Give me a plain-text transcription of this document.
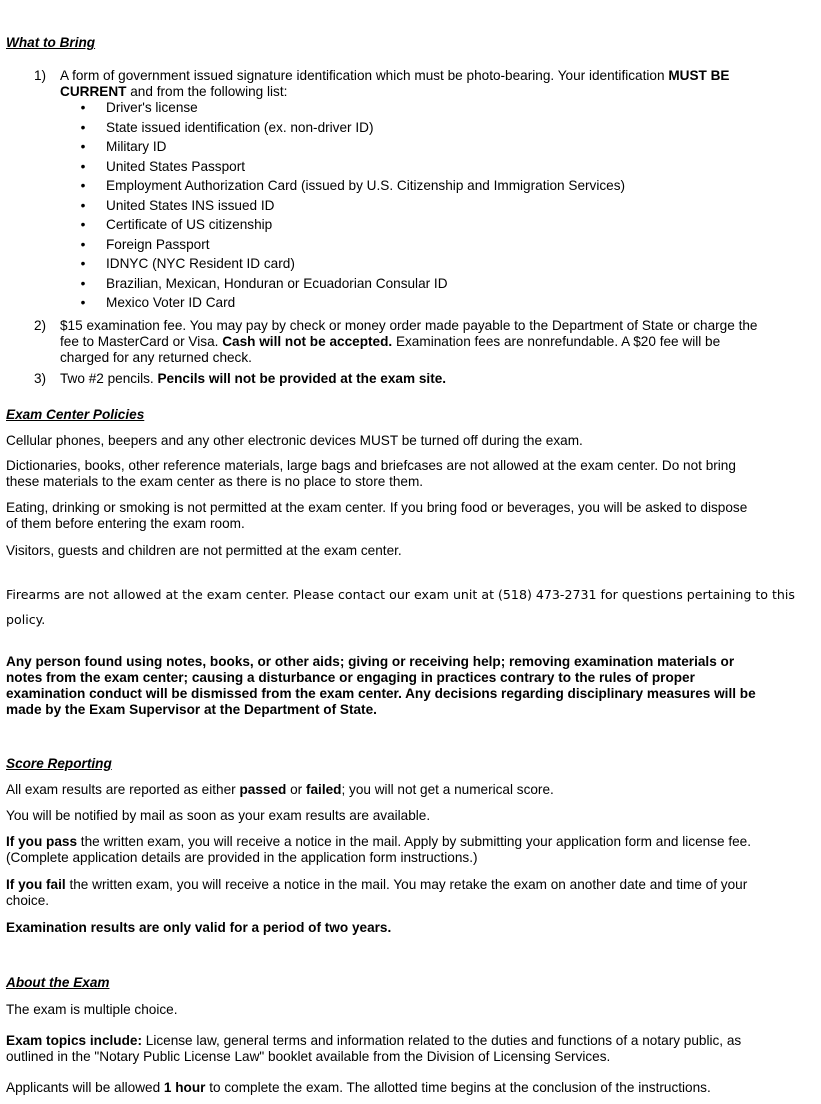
What to Bring
1) A form of government issued signature identification which must be photo-bearing. Your identification MUST BE
CURRENT and from the following list:
• Driver's license
• State issued identification (ex. non-driver ID)
• Military ID
• United States Passport
• Employment Authorization Card (issued by U.S. Citizenship and Immigration Services)
• United States INS issued ID
• Certificate of US citizenship
• Foreign Passport
• IDNYC (NYC Resident ID card)
• Brazilian, Mexican, Honduran or Ecuadorian Consular ID
• Mexico Voter ID Card
2) $15 examination fee. You may pay by check or money order made payable to the Department of State or charge the
fee to MasterCard or Visa. Cash will not be accepted. Examination fees are nonrefundable. A $20 fee will be
charged for any returned check.
3) Two #2 pencils. Pencils will not be provided at the exam site.
Exam Center Policies
Cellular phones, beepers and any other electronic devices MUST be turned off during the exam.
Dictionaries, books, other reference materials, large bags and briefcases are not allowed at the exam center. Do not bring
these materials to the exam center as there is no place to store them.
Eating, drinking or smoking is not permitted at the exam center. If you bring food or beverages, you will be asked to dispose
of them before entering the exam room.
Visitors, guests and children are not permitted at the exam center.
Firearms are not allowed at the exam center. Please contact our exam unit at (518) 473-2731 for questions pertaining to this
policy.
Any person found using notes, books, or other aids; giving or receiving help; removing examination materials or
notes from the exam center; causing a disturbance or engaging in practices contrary to the rules of proper
examination conduct will be dismissed from the exam center. Any decisions regarding disciplinary measures will be
made by the Exam Supervisor at the Department of State.
Score Reporting
All exam results are reported as either passed or failed; you will not get a numerical score.
You will be notified by mail as soon as your exam results are available.
If you pass the written exam, you will receive a notice in the mail. Apply by submitting your application form and license fee.
(Complete application details are provided in the application form instructions.)
If you fail the written exam, you will receive a notice in the mail. You may retake the exam on another date and time of your
choice.
Examination results are only valid for a period of two years.
About the Exam
The exam is multiple choice.
Exam topics include: License law, general terms and information related to the duties and functions of a notary public, as
outlined in the "Notary Public License Law" booklet available from the Division of Licensing Services.
Applicants will be allowed 1 hour to complete the exam. The allotted time begins at the conclusion of the instructions.
